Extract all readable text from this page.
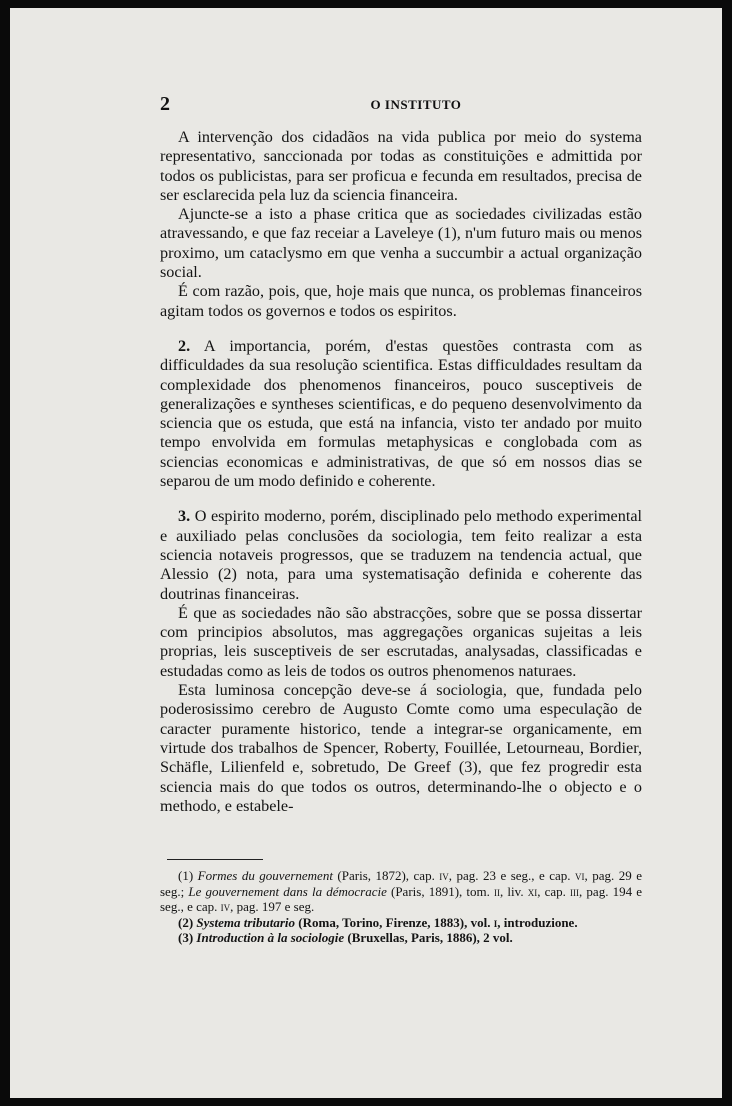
2	O INSTITUTO

A intervenção dos cidadãos na vida publica por meio do systema representativo, sanccionada por todas as constituições e admittida por todos os publicistas, para ser proficua e fecunda em resultados, precisa de ser esclarecida pela luz da sciencia financeira.

Ajuncte-se a isto a phase critica que as sociedades civilizadas estão atravessando, e que faz receiar a Laveleye (1), n'um futuro mais ou menos proximo, um cataclysmo em que venha a succumbir a actual organização social.

É com razão, pois, que, hoje mais que nunca, os problemas financeiros agitam todos os governos e todos os espiritos.

2. A importancia, porém, d'estas questões contrasta com as difficuldades da sua resolução scientifica. Estas difficuldades resultam da complexidade dos phenomenos financeiros, pouco susceptiveis de generalizações e syntheses scientificas, e do pequeno desenvolvimento da sciencia que os estuda, que está na infancia, visto ter andado por muito tempo envolvida em formulas metaphysicas e conglobada com as sciencias economicas e administrativas, de que só em nossos dias se separou de um modo definido e coherente.

3. O espirito moderno, porém, disciplinado pelo methodo experimental e auxiliado pelas conclusões da sociologia, tem feito realizar a esta sciencia notaveis progressos, que se traduzem na tendencia actual, que Alessio (2) nota, para uma systematisação definida e coherente das doutrinas financeiras.

É que as sociedades não são abstracções, sobre que se possa dissertar com principios absolutos, mas aggregações organicas sujeitas a leis proprias, leis susceptiveis de ser escrutadas, analysadas, classificadas e estudadas como as leis de todos os outros phenomenos naturaes.

Esta luminosa concepção deve-se á sociologia, que, fundada pelo poderosissimo cerebro de Augusto Comte como uma especulação de caracter puramente historico, tende a integrar-se organicamente, em virtude dos trabalhos de Spencer, Roberty, Fouillée, Letourneau, Bordier, Schäfle, Lilienfeld e, sobretudo, De Greef (3), que fez progredir esta sciencia mais do que todos os outros, determinando-lhe o objecto e o methodo, e estabele-

(1) Formes du gouvernement (Paris, 1872), cap. iv, pag. 23 e seg., e cap. vi, pag. 29 e seg.; Le gouvernement dans la démocracie (Paris, 1891), tom. ii, liv. xi, cap. iii, pag. 194 e seg., e cap. iv, pag. 197 e seg.

(2) Systema tributario (Roma, Torino, Firenze, 1883), vol. i, introduzione.

(3) Introduction à la sociologie (Bruxellas, Paris, 1886), 2 vol.
